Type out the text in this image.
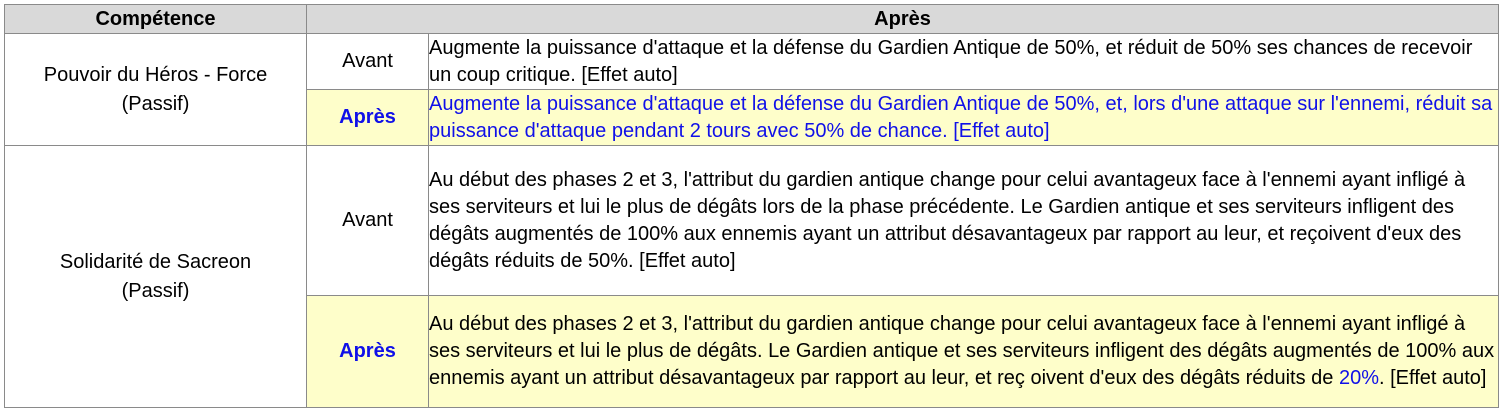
Compétence	Après	

Pouvoir du Héros - Force
(Passif)	Avant	Augmente la puissance d'attaque et la défense du Gardien Antique de 50%, et réduit de 50% ses chances de recevoir un coup critique. [Effet auto]
	Après	Augmente la puissance d'attaque et la défense du Gardien Antique de 50%, et, lors d'une attaque sur l'ennemi, réduit sa puissance d'attaque pendant 2 tours avec 50% de chance. [Effet auto]

Solidarité de Sacreon
(Passif)	Avant	Au début des phases 2 et 3, l'attribut du gardien antique change pour celui avantageux face à l'ennemi ayant infligé à ses serviteurs et lui le plus de dégâts lors de la phase précédente. Le Gardien antique et ses serviteurs infligent des dégâts augmentés de 100% aux ennemis ayant un attribut désavantageux par rapport au leur, et reçoivent d'eux des dégâts réduits de 50%. [Effet auto]
	Après	Au début des phases 2 et 3, l'attribut du gardien antique change pour celui avantageux face à l'ennemi ayant infligé à ses serviteurs et lui le plus de dégâts. Le Gardien antique et ses serviteurs infligent des dégâts augmentés de 100% aux ennemis ayant un attribut désavantageux par rapport au leur, et reç oivent d'eux des dégâts réduits de 20%. [Effet auto]
